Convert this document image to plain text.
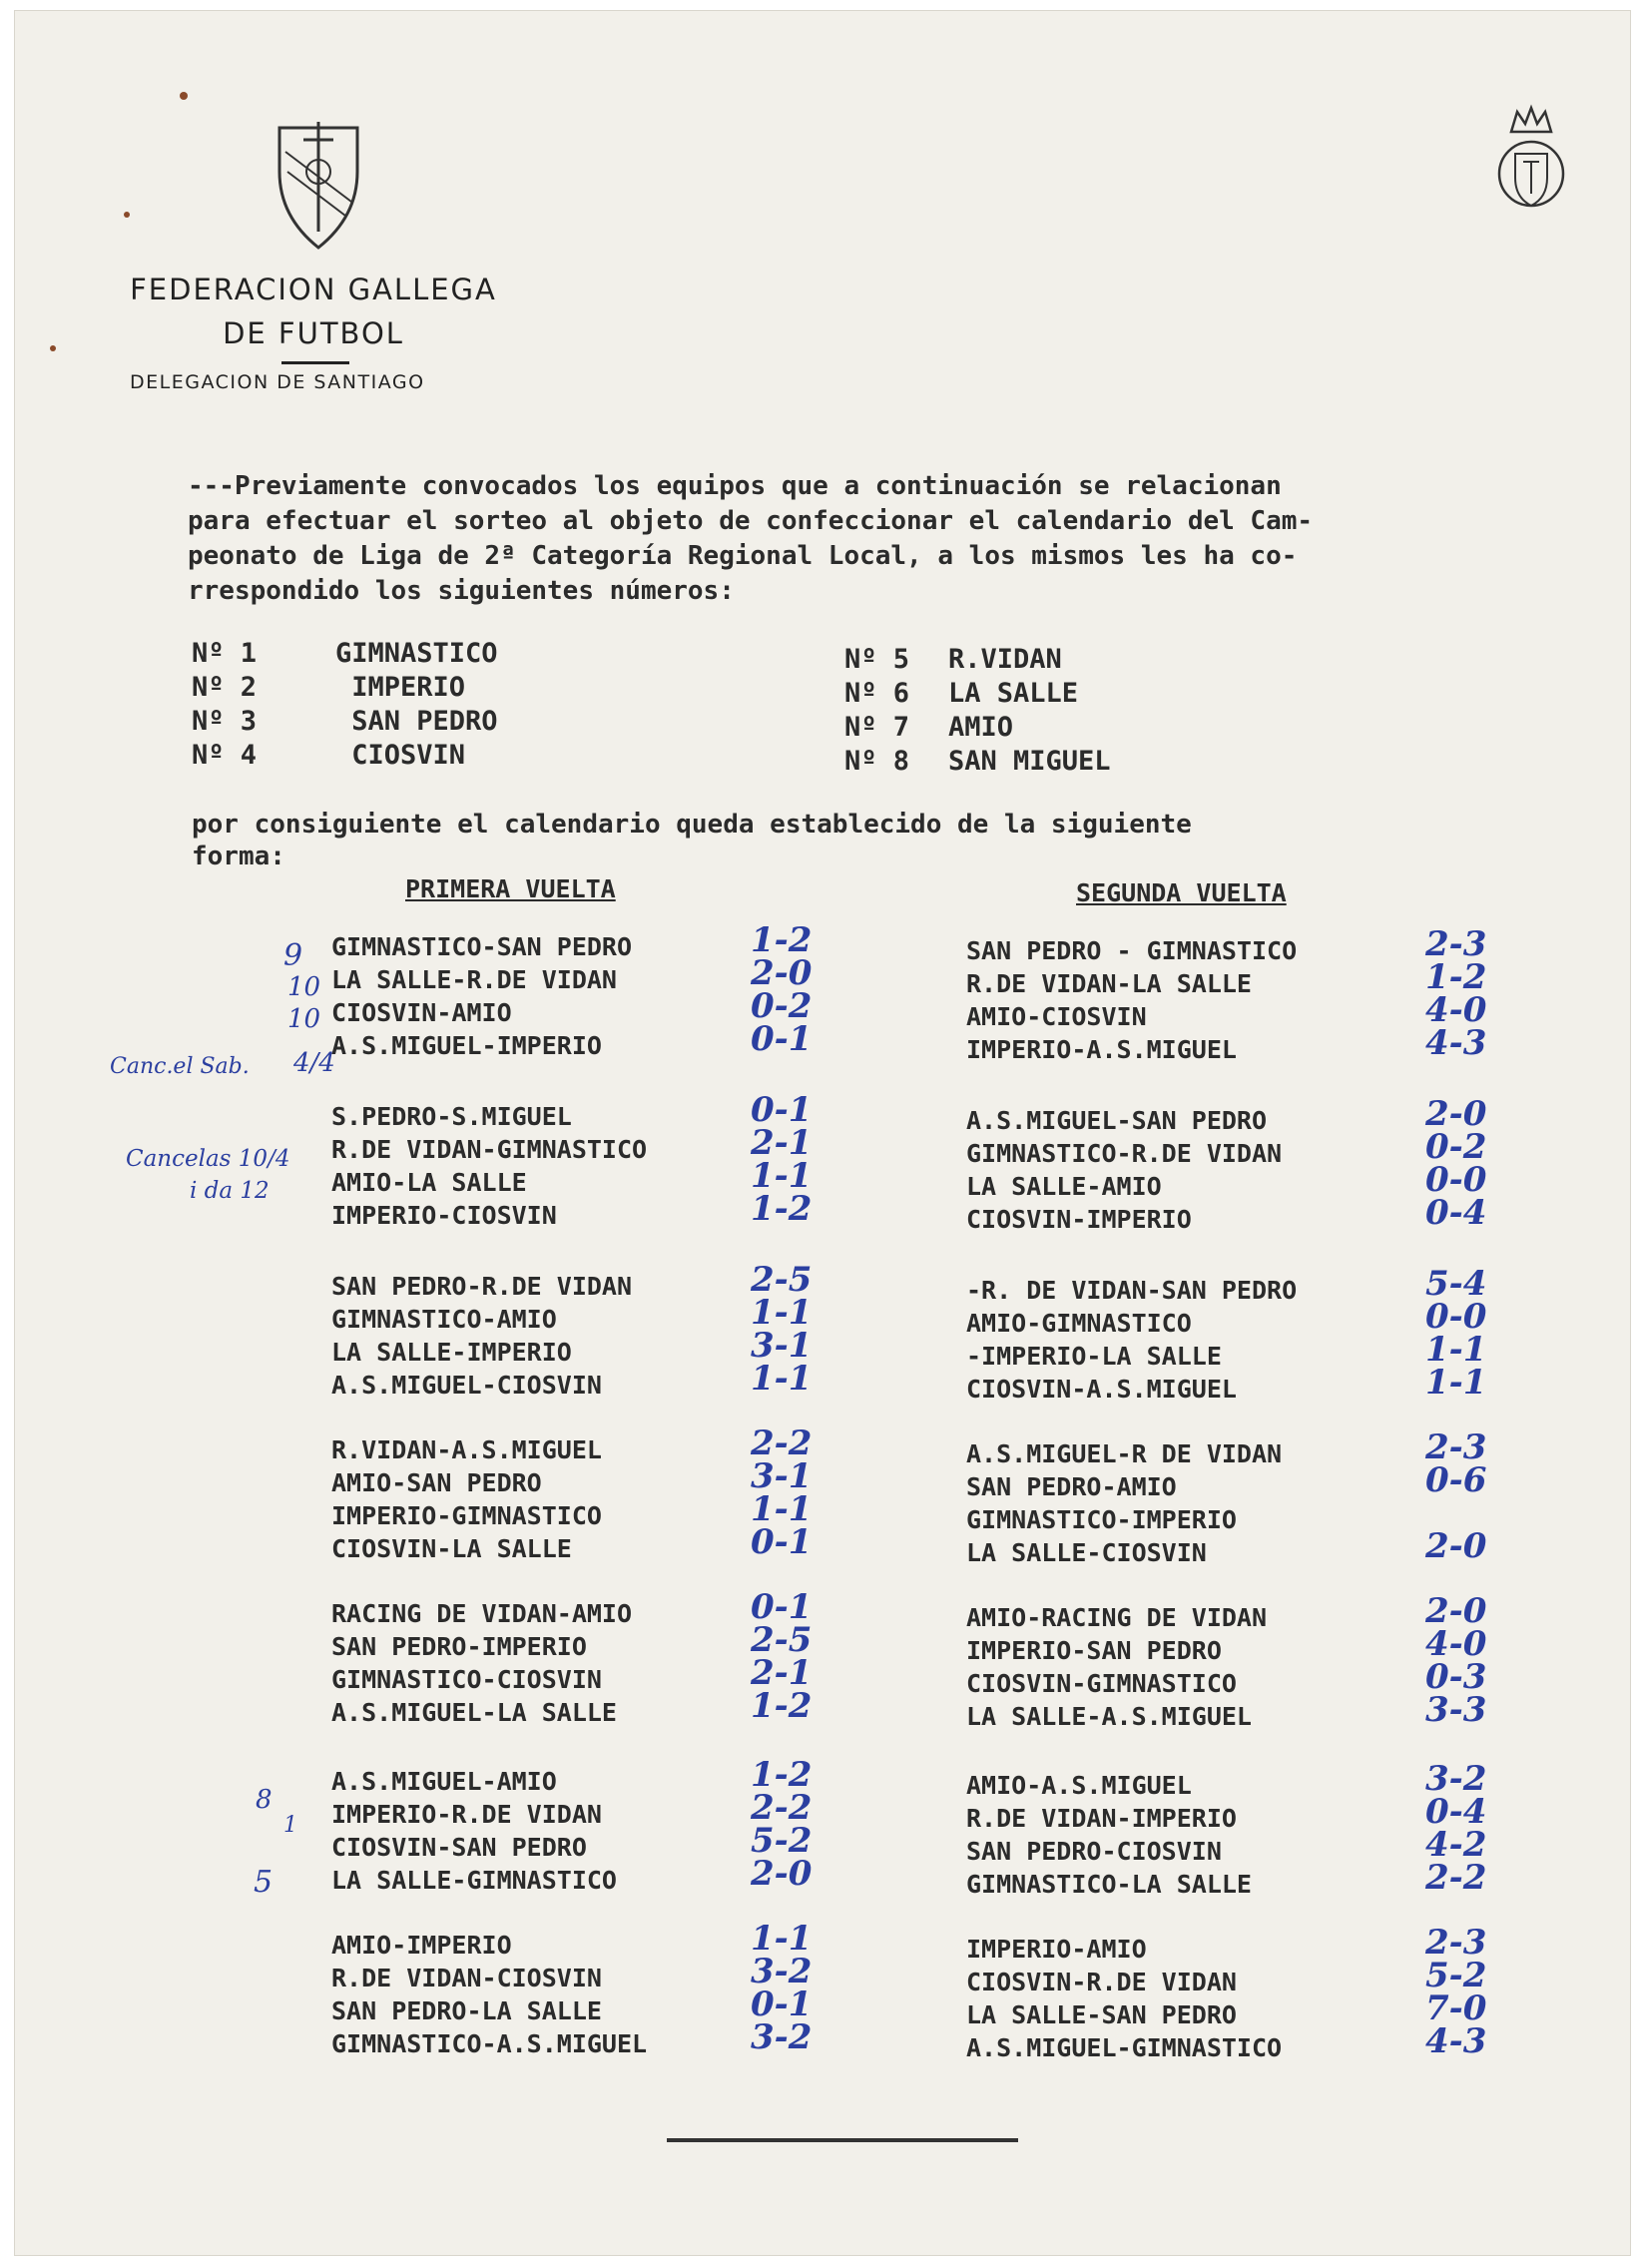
FEDERACION GALLEGA
DE FUTBOL
DELEGACION DE SANTIAGO

---Previamente convocados los equipos que a continuación se relacionan

para efectuar el sorteo al objeto de confeccionar el calendario del Cam-

peonato de Liga de 2ª Categoría Regional Local, a los mismos les ha co-

rrespondido los siguientes números:

Nº 1	GIMNASTICO
Nº 2	IMPERIO
Nº 3	SAN PEDRO
Nº 4	CIOSVIN
Nº 5 R.VIDAN
Nº 6 LA SALLE
Nº 7 AMIO
Nº 8 SAN MIGUEL

por consiguiente el calendario queda establecido de la siguiente

forma:

PRIMERA VUELTA	SEGUNDA VUELTA
GIMNASTICO-SAN PEDRO	1-2
LA SALLE-R.DE VIDAN	2-0
CIOSVIN-AMIO	0-2
A.S.MIGUEL-IMPERIO	0-1
S.PEDRO-S.MIGUEL	0-1
R.DE VIDAN-GIMNASTICO	2-1
AMIO-LA SALLE	1-1
IMPERIO-CIOSVIN	1-2
SAN PEDRO-R.DE VIDAN	2-5
GIMNASTICO-AMIO	1-1
LA SALLE-IMPERIO	3-1
A.S.MIGUEL-CIOSVIN	1-1
R.VIDAN-A.S.MIGUEL	2-2
AMIO-SAN PEDRO	3-1
IMPERIO-GIMNASTICO	1-1
CIOSVIN-LA SALLE	0-1
RACING DE VIDAN-AMIO	0-1
SAN PEDRO-IMPERIO	2-5
GIMNASTICO-CIOSVIN	2-1
A.S.MIGUEL-LA SALLE	1-2
A.S.MIGUEL-AMIO	1-2
IMPERIO-R.DE VIDAN	2-2
CIOSVIN-SAN PEDRO	5-2
LA SALLE-GIMNASTICO	2-0
AMIO-IMPERIO	1-1
R.DE VIDAN-CIOSVIN	3-2
SAN PEDRO-LA SALLE	0-1
GIMNASTICO-A.S.MIGUEL	3-2
SAN PEDRO - GIMNASTICO	2-3
R.DE VIDAN-LA SALLE	1-2
AMIO-CIOSVIN	4-0
IMPERIO-A.S.MIGUEL	4-3
A.S.MIGUEL-SAN PEDRO	2-0
GIMNASTICO-R.DE VIDAN	0-2
LA SALLE-AMIO	0-0
CIOSVIN-IMPERIO	0-4
-R. DE VIDAN-SAN PEDRO	5-4
AMIO-GIMNASTICO	0-0
-IMPERIO-LA SALLE	1-1
CIOSVIN-A.S.MIGUEL	1-1
A.S.MIGUEL-R DE VIDAN	2-3
SAN PEDRO-AMIO	0-6
GIMNASTICO-IMPERIO
LA SALLE-CIOSVIN	2-0
AMIO-RACING DE VIDAN	2-0
IMPERIO-SAN PEDRO	4-0
CIOSVIN-GIMNASTICO	0-3
LA SALLE-A.S.MIGUEL	3-3
AMIO-A.S.MIGUEL	3-2
R.DE VIDAN-IMPERIO	0-4
SAN PEDRO-CIOSVIN	4-2
GIMNASTICO-LA SALLE	2-2
IMPERIO-AMIO	2-3
CIOSVIN-R.DE VIDAN	5-2
LA SALLE-SAN PEDRO	7-0
A.S.MIGUEL-GIMNASTICO	4-3
9
10
10
Canc.el Sab. 4/4
Cancelas 10/4
i da 12
8
1
5
